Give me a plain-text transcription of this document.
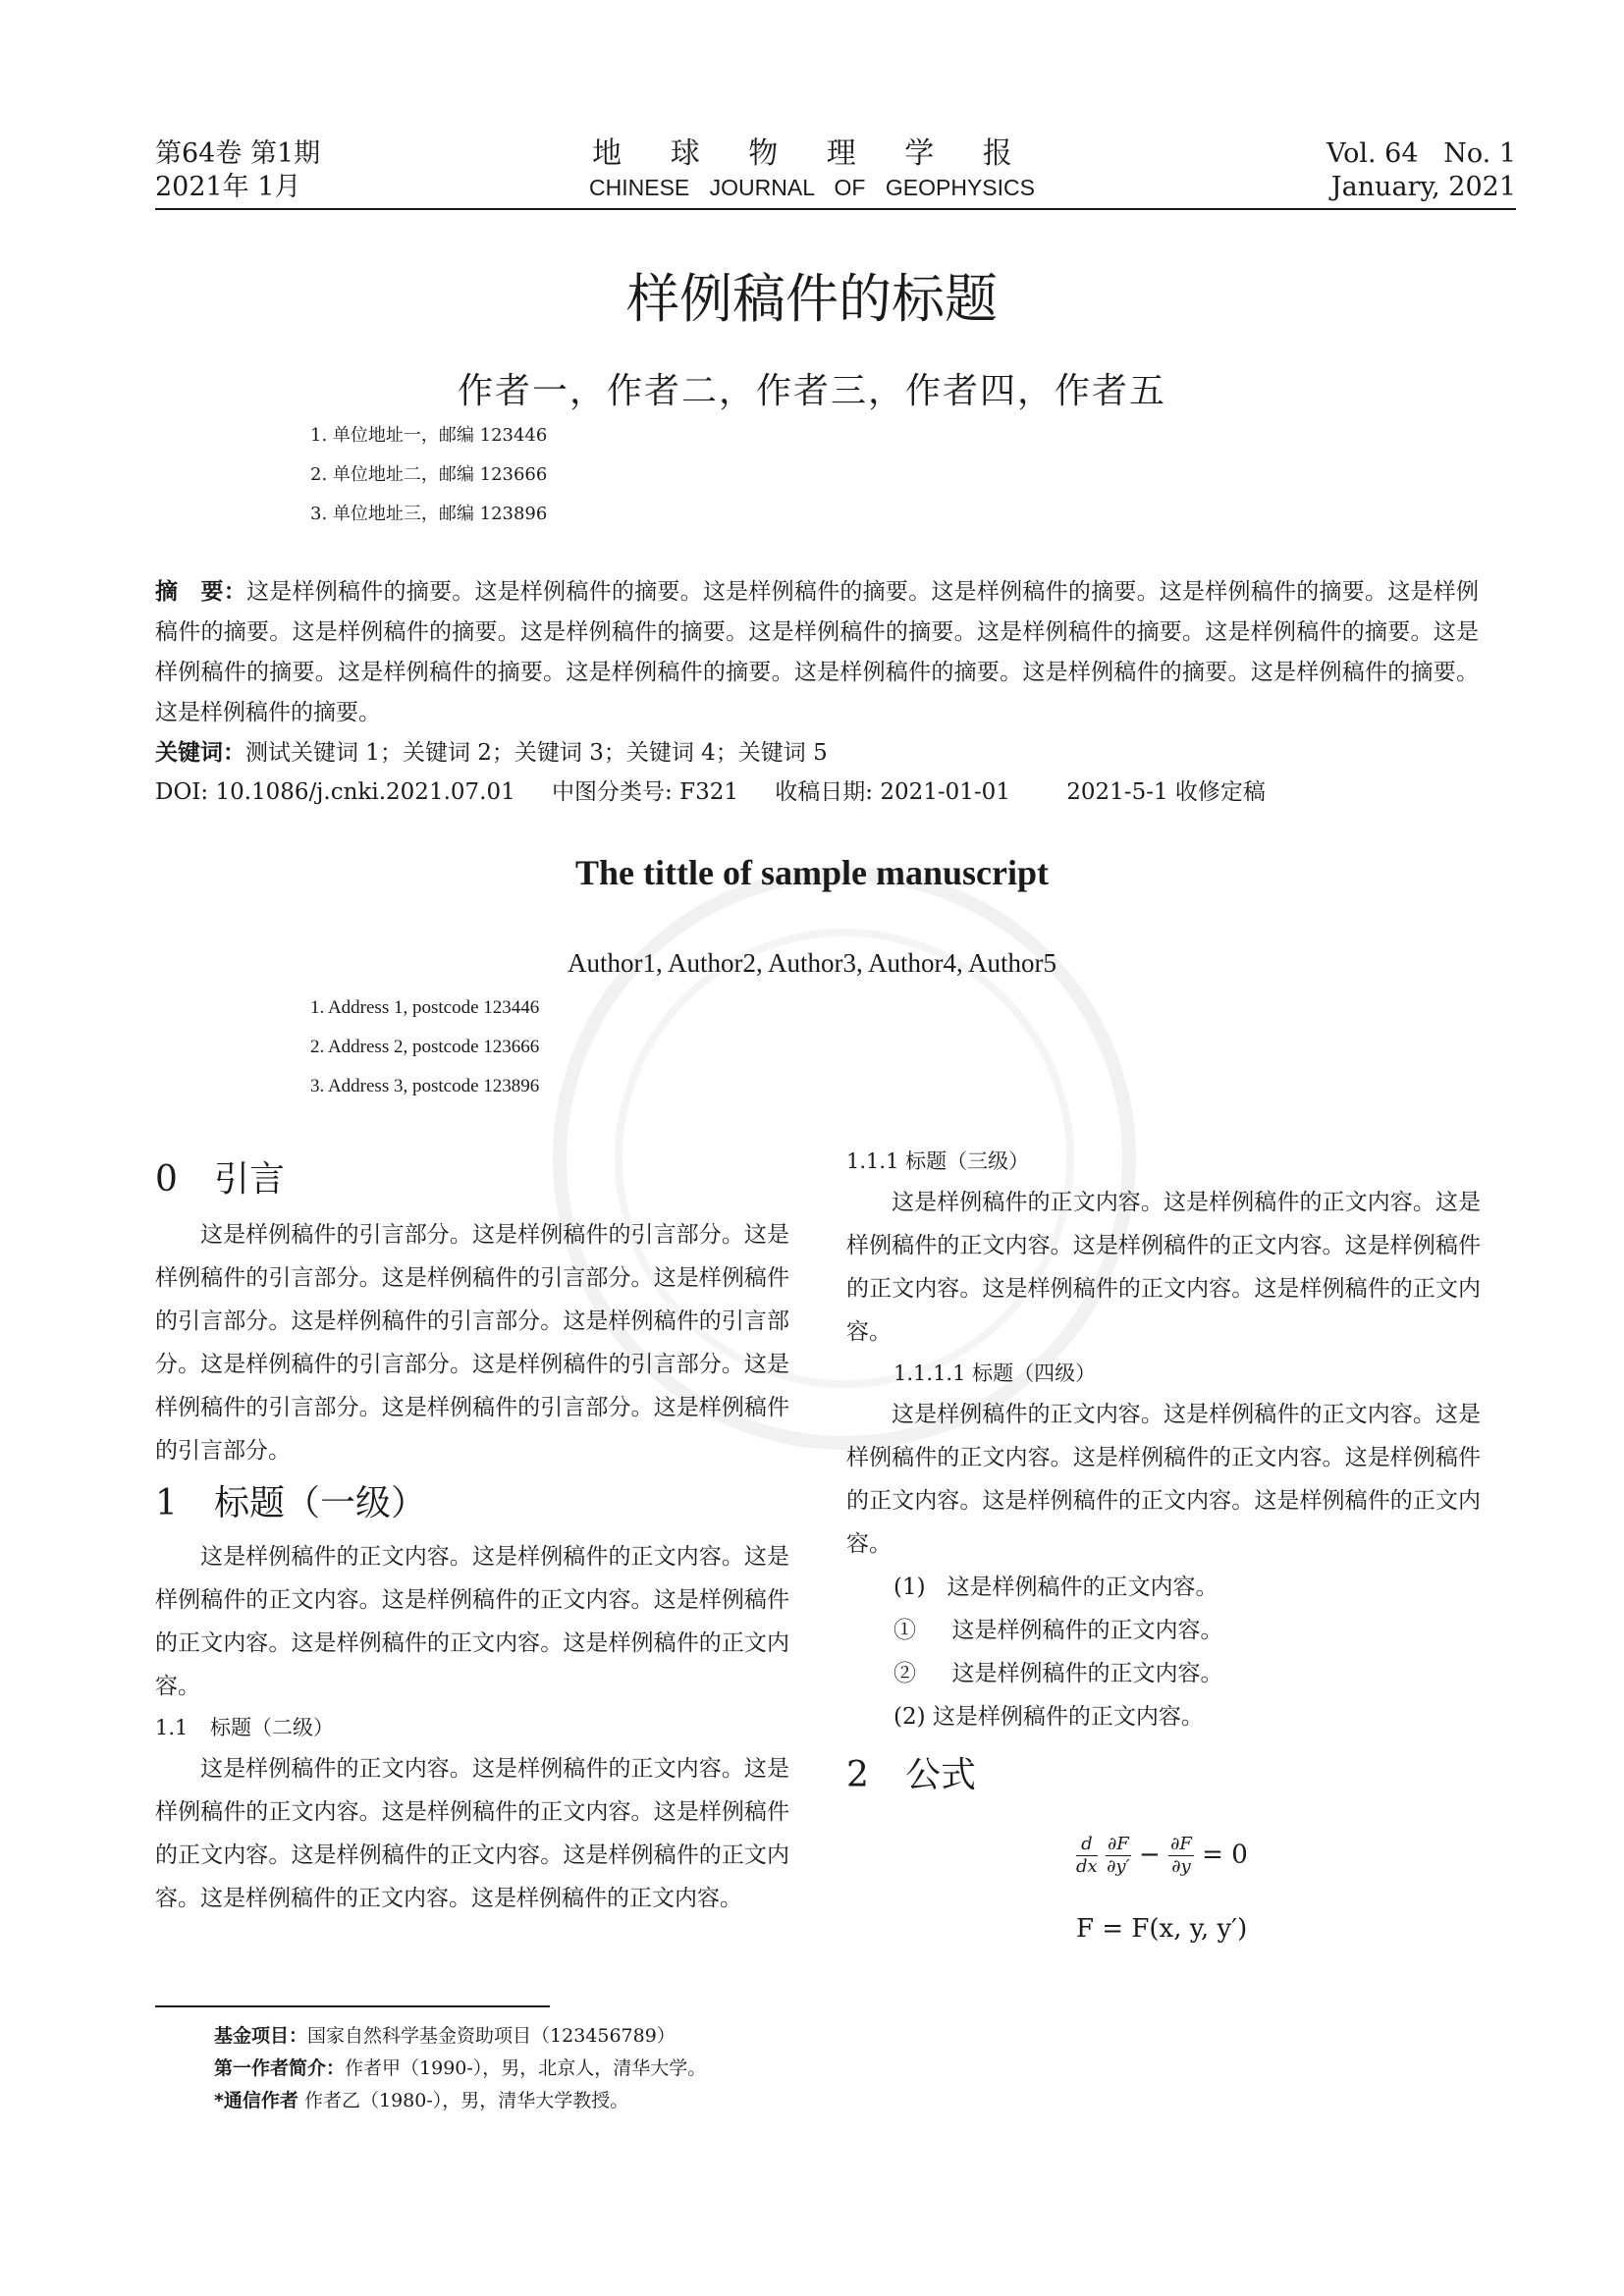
第64卷 第1期
2021年 1月
地 球 物 理 学 报
CHINESE JOURNAL OF GEOPHYSICS
Vol. 64   No. 1
January, 2021
样例稿件的标题
作者一，作者二，作者三，作者四，作者五
1. 单位地址一，邮编 123446
2. 单位地址二，邮编 123666
3. 单位地址三，邮编 123896
摘　要：这是样例稿件的摘要。这是样例稿件的摘要。这是样例稿件的摘要。这是样例稿件的摘要。这是样例稿件的摘要。这是样例稿件的摘要。这是样例稿件的摘要。这是样例稿件的摘要。这是样例稿件的摘要。这是样例稿件的摘要。这是样例稿件的摘要。这是样例稿件的摘要。这是样例稿件的摘要。这是样例稿件的摘要。这是样例稿件的摘要。这是样例稿件的摘要。这是样例稿件的摘要。这是样例稿件的摘要。
关键词：测试关键词 1；关键词 2；关键词 3；关键词 4；关键词 5
DOI: 10.1086/j.cnki.2021.07.01 中图分类号: F321 收稿日期: 2021-01-01 2021-5-1 收修定稿
The tittle of sample manuscript
Author1, Author2, Author3, Author4, Author5
1. Address 1, postcode 123446
2. Address 2, postcode 123666
3. Address 3, postcode 123896
0 引言

这是样例稿件的引言部分。这是样例稿件的引言部分。这是样例稿件的引言部分。这是样例稿件的引言部分。这是样例稿件的引言部分。这是样例稿件的引言部分。这是样例稿件的引言部分。这是样例稿件的引言部分。这是样例稿件的引言部分。这是样例稿件的引言部分。这是样例稿件的引言部分。这是样例稿件的引言部分。

1 标题（一级）

这是样例稿件的正文内容。这是样例稿件的正文内容。这是样例稿件的正文内容。这是样例稿件的正文内容。这是样例稿件的正文内容。这是样例稿件的正文内容。这是样例稿件的正文内容。

1.1 标题（二级）

这是样例稿件的正文内容。这是样例稿件的正文内容。这是样例稿件的正文内容。这是样例稿件的正文内容。这是样例稿件的正文内容。这是样例稿件的正文内容。这是样例稿件的正文内容。这是样例稿件的正文内容。这是样例稿件的正文内容。

1.1.1 标题（三级）

这是样例稿件的正文内容。这是样例稿件的正文内容。这是样例稿件的正文内容。这是样例稿件的正文内容。这是样例稿件的正文内容。这是样例稿件的正文内容。这是样例稿件的正文内容。

1.1.1.1 标题（四级）

这是样例稿件的正文内容。这是样例稿件的正文内容。这是样例稿件的正文内容。这是样例稿件的正文内容。这是样例稿件的正文内容。这是样例稿件的正文内容。这是样例稿件的正文内容。

(1)   这是样例稿件的正文内容。
①     这是样例稿件的正文内容。
②     这是样例稿件的正文内容。
(2) 这是样例稿件的正文内容。
2 公式
$\frac{d}{dx}$
$\frac{\partial F}{\partial y'} - \frac{\partial F}{\partial y} = 0$
F = F(x, y, y′)
基金项目：国家自然科学基金资助项目（123456789）
第一作者简介：作者甲（1990-），男，北京人，清华大学。
*通信作者 作者乙（1980-），男，清华大学教授。
